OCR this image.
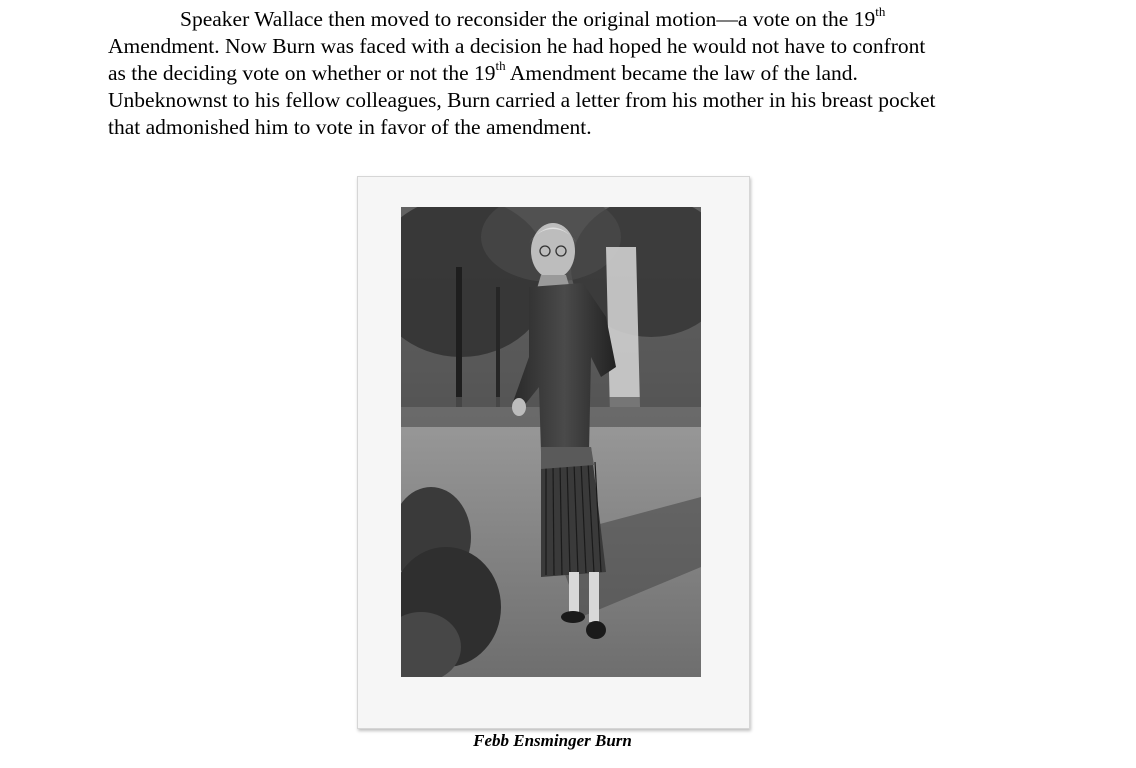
Speaker Wallace then moved to reconsider the original motion—a vote on the 19th
Amendment. Now Burn was faced with a decision he had hoped he would not have to confront
as the deciding vote on whether or not the 19th Amendment became the law of the land.
Unbeknownst to his fellow colleagues, Burn carried a letter from his mother in his breast pocket
that admonished him to vote in favor of the amendment.

Febb Ensminger Burn
